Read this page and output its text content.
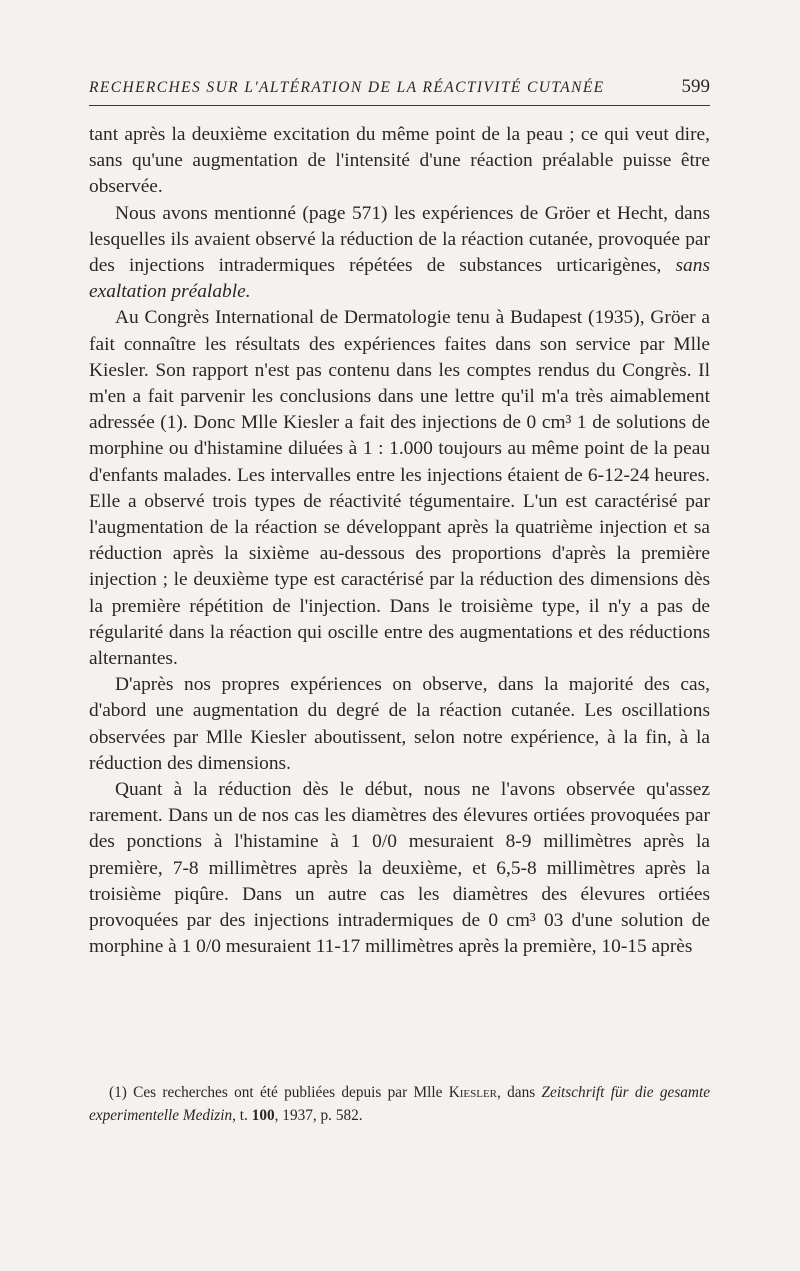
RECHERCHES SUR L'ALTÉRATION DE LA RÉACTIVITÉ CUTANÉE	599

tant après la deuxième excitation du même point de la peau ; ce qui veut dire, sans qu'une augmentation de l'intensité d'une réaction préalable puisse être observée.

Nous avons mentionné (page 571) les expériences de Gröer et Hecht, dans lesquelles ils avaient observé la réduction de la réaction cutanée, provoquée par des injections intradermiques répétées de substances urticarigènes, sans exaltation préalable.

Au Congrès International de Dermatologie tenu à Budapest (1935), Gröer a fait connaître les résultats des expériences faites dans son service par Mlle Kiesler. Son rapport n'est pas contenu dans les comptes rendus du Congrès. Il m'en a fait parvenir les conclusions dans une lettre qu'il m'a très aimablement adressée (1). Donc Mlle Kiesler a fait des injections de 0 cm³ 1 de solutions de morphine ou d'histamine diluées à 1 : 1.000 toujours au même point de la peau d'enfants malades. Les intervalles entre les injections étaient de 6-12-24 heures. Elle a observé trois types de réactivité tégumentaire. L'un est caractérisé par l'augmentation de la réaction se développant après la quatrième injection et sa réduction après la sixième au-dessous des proportions d'après la première injection ; le deuxième type est caractérisé par la réduction des dimensions dès la première répétition de l'injection. Dans le troisième type, il n'y a pas de régularité dans la réaction qui oscille entre des augmentations et des réductions alternantes.

D'après nos propres expériences on observe, dans la majorité des cas, d'abord une augmentation du degré de la réaction cutanée. Les oscillations observées par Mlle Kiesler aboutissent, selon notre expérience, à la fin, à la réduction des dimensions.

Quant à la réduction dès le début, nous ne l'avons observée qu'assez rarement. Dans un de nos cas les diamètres des élevures ortiées provoquées par des ponctions à l'histamine à 1 0/0 mesuraient 8-9 millimètres après la première, 7-8 millimètres après la deuxième, et 6,5-8 millimètres après la troisième piqûre. Dans un autre cas les diamètres des élevures ortiées provoquées par des injections intradermiques de 0 cm³ 03 d'une solution de morphine à 1 0/0 mesuraient 11-17 millimètres après la première, 10-15 après

(1) Ces recherches ont été publiées depuis par Mlle Kiesler, dans Zeitschrift für die gesamte experimentelle Medizin, t. 100, 1937, p. 582.
